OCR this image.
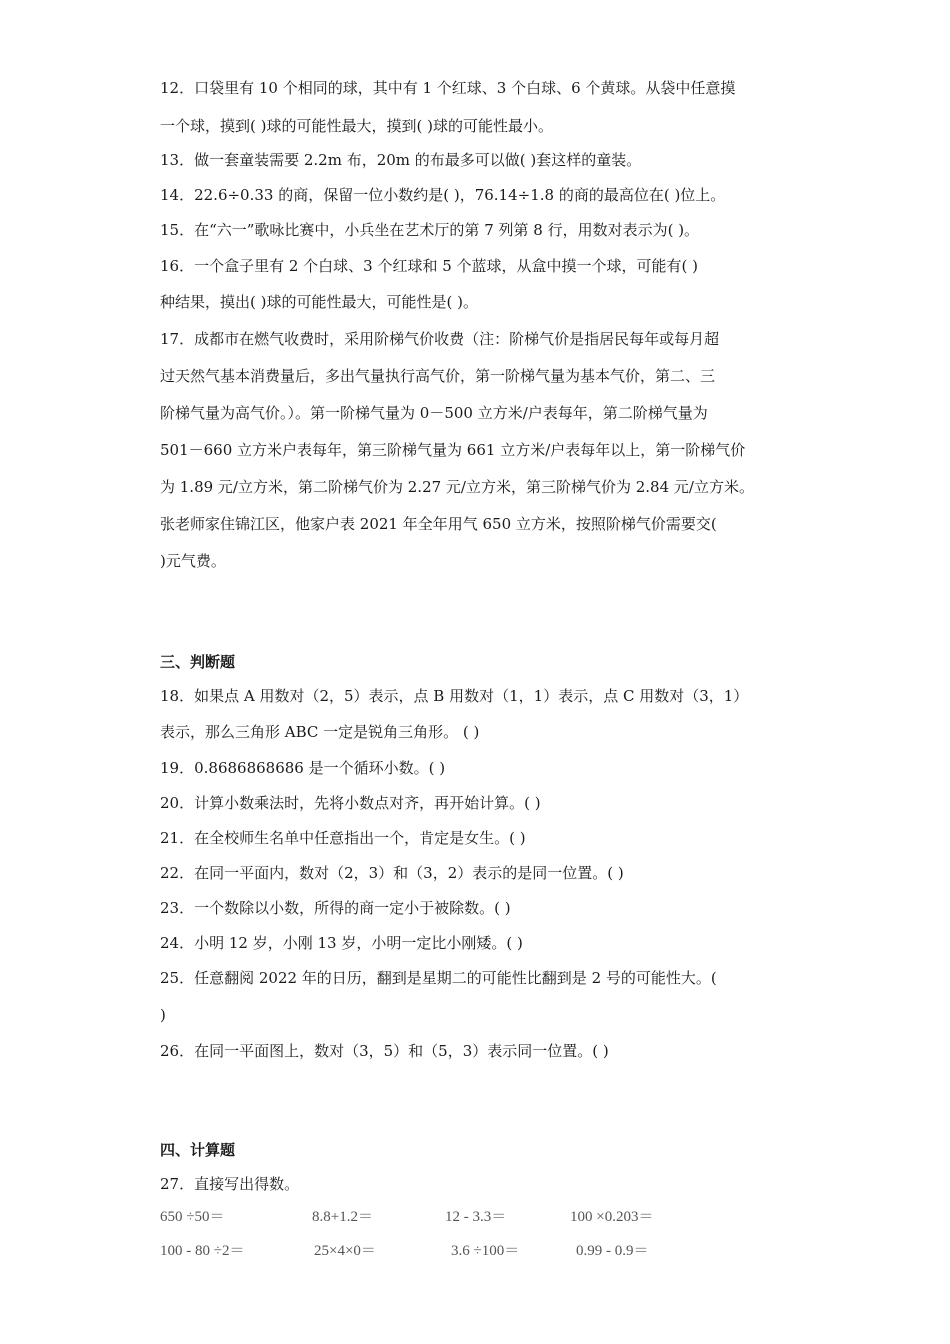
12．口袋里有 10 个相同的球，其中有 1 个红球、3 个白球、6 个黄球。从袋中任意摸
一个球，摸到( )球的可能性最大，摸到( )球的可能性最小。
13．做一套童装需要 2.2m 布，20m 的布最多可以做( )套这样的童装。
14．22.6÷0.33 的商，保留一位小数约是( )，76.14÷1.8 的商的最高位在( )位上。
15．在“六一”歌咏比赛中，小兵坐在艺术厅的第 7 列第 8 行，用数对表示为( )。
16．一个盒子里有 2 个白球、3 个红球和 5 个蓝球，从盒中摸一个球，可能有( )
种结果，摸出( )球的可能性最大，可能性是( )。
17．成都市在燃气收费时，采用阶梯气价收费（注：阶梯气价是指居民每年或每月超
过天然气基本消费量后，多出气量执行高气价，第一阶梯气量为基本气价，第二、三
阶梯气量为高气价。）。第一阶梯气量为 0－500 立方米/户表每年，第二阶梯气量为
501－660 立方米户表每年，第三阶梯气量为 661 立方米/户表每年以上，第一阶梯气价
为 1.89 元/立方米，第二阶梯气价为 2.27 元/立方米，第三阶梯气价为 2.84 元/立方米。
张老师家住锦江区，他家户表 2021 年全年用气 650 立方米，按照阶梯气价需要交(
)元气费。
三、判断题
18．如果点 A 用数对（2，5）表示，点 B 用数对（1，1）表示，点 C 用数对（3，1）
表示，那么三角形 ABC 一定是锐角三角形。 ( )
19．0.8686868686 是一个循环小数。( )
20．计算小数乘法时，先将小数点对齐，再开始计算。( )
21．在全校师生名单中任意指出一个，肯定是女生。( )
22．在同一平面内，数对（2，3）和（3，2）表示的是同一位置。( )
23．一个数除以小数，所得的商一定小于被除数。( )
24．小明 12 岁，小刚 13 岁，小明一定比小刚矮。( )
25．任意翻阅 2022 年的日历，翻到是星期二的可能性比翻到是 2 号的可能性大。(
)
26．在同一平面图上，数对（3，5）和（5，3）表示同一位置。( )
四、计算题
27．直接写出得数。
650 ÷50＝	8.8+1.2＝	12 - 3.3＝	100 ×0.203＝
100 - 80 ÷2＝	25×4×0＝	3.6 ÷100＝	0.99 - 0.9＝
